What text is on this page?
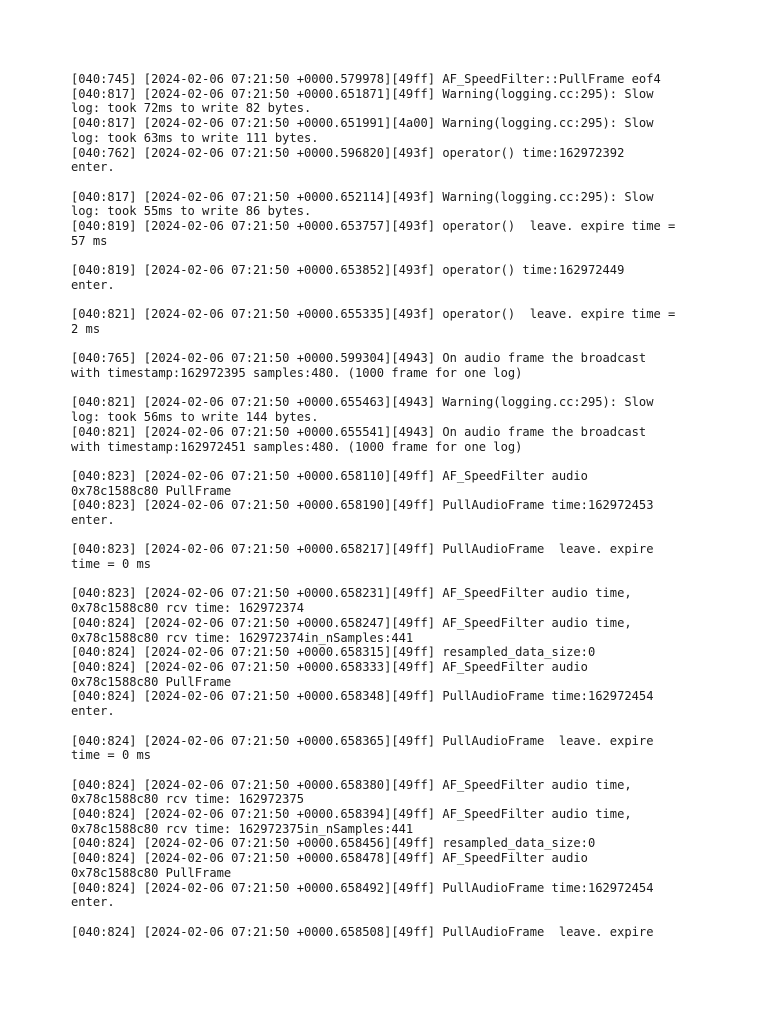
[040:745] [2024-02-06 07:21:50 +0000.579978][49ff] AF_SpeedFilter::PullFrame eof4
[040:817] [2024-02-06 07:21:50 +0000.651871][49ff] Warning(logging.cc:295): Slow
log: took 72ms to write 82 bytes.
[040:817] [2024-02-06 07:21:50 +0000.651991][4a00] Warning(logging.cc:295): Slow
log: took 63ms to write 111 bytes.
[040:762] [2024-02-06 07:21:50 +0000.596820][493f] operator() time:162972392
enter.
[040:817] [2024-02-06 07:21:50 +0000.652114][493f] Warning(logging.cc:295): Slow
log: took 55ms to write 86 bytes.
[040:819] [2024-02-06 07:21:50 +0000.653757][493f] operator()  leave. expire time =
57 ms
[040:819] [2024-02-06 07:21:50 +0000.653852][493f] operator() time:162972449
enter.
[040:821] [2024-02-06 07:21:50 +0000.655335][493f] operator()  leave. expire time =
2 ms
[040:765] [2024-02-06 07:21:50 +0000.599304][4943] On audio frame the broadcast
with timestamp:162972395 samples:480. (1000 frame for one log)
[040:821] [2024-02-06 07:21:50 +0000.655463][4943] Warning(logging.cc:295): Slow
log: took 56ms to write 144 bytes.
[040:821] [2024-02-06 07:21:50 +0000.655541][4943] On audio frame the broadcast
with timestamp:162972451 samples:480. (1000 frame for one log)
[040:823] [2024-02-06 07:21:50 +0000.658110][49ff] AF_SpeedFilter audio
0x78c1588c80 PullFrame
[040:823] [2024-02-06 07:21:50 +0000.658190][49ff] PullAudioFrame time:162972453
enter.
[040:823] [2024-02-06 07:21:50 +0000.658217][49ff] PullAudioFrame  leave. expire
time = 0 ms
[040:823] [2024-02-06 07:21:50 +0000.658231][49ff] AF_SpeedFilter audio time,
0x78c1588c80 rcv time: 162972374
[040:824] [2024-02-06 07:21:50 +0000.658247][49ff] AF_SpeedFilter audio time,
0x78c1588c80 rcv time: 162972374in_nSamples:441
[040:824] [2024-02-06 07:21:50 +0000.658315][49ff] resampled_data_size:0
[040:824] [2024-02-06 07:21:50 +0000.658333][49ff] AF_SpeedFilter audio
0x78c1588c80 PullFrame
[040:824] [2024-02-06 07:21:50 +0000.658348][49ff] PullAudioFrame time:162972454
enter.
[040:824] [2024-02-06 07:21:50 +0000.658365][49ff] PullAudioFrame  leave. expire
time = 0 ms
[040:824] [2024-02-06 07:21:50 +0000.658380][49ff] AF_SpeedFilter audio time,
0x78c1588c80 rcv time: 162972375
[040:824] [2024-02-06 07:21:50 +0000.658394][49ff] AF_SpeedFilter audio time,
0x78c1588c80 rcv time: 162972375in_nSamples:441
[040:824] [2024-02-06 07:21:50 +0000.658456][49ff] resampled_data_size:0
[040:824] [2024-02-06 07:21:50 +0000.658478][49ff] AF_SpeedFilter audio
0x78c1588c80 PullFrame
[040:824] [2024-02-06 07:21:50 +0000.658492][49ff] PullAudioFrame time:162972454
enter.
[040:824] [2024-02-06 07:21:50 +0000.658508][49ff] PullAudioFrame  leave. expire
